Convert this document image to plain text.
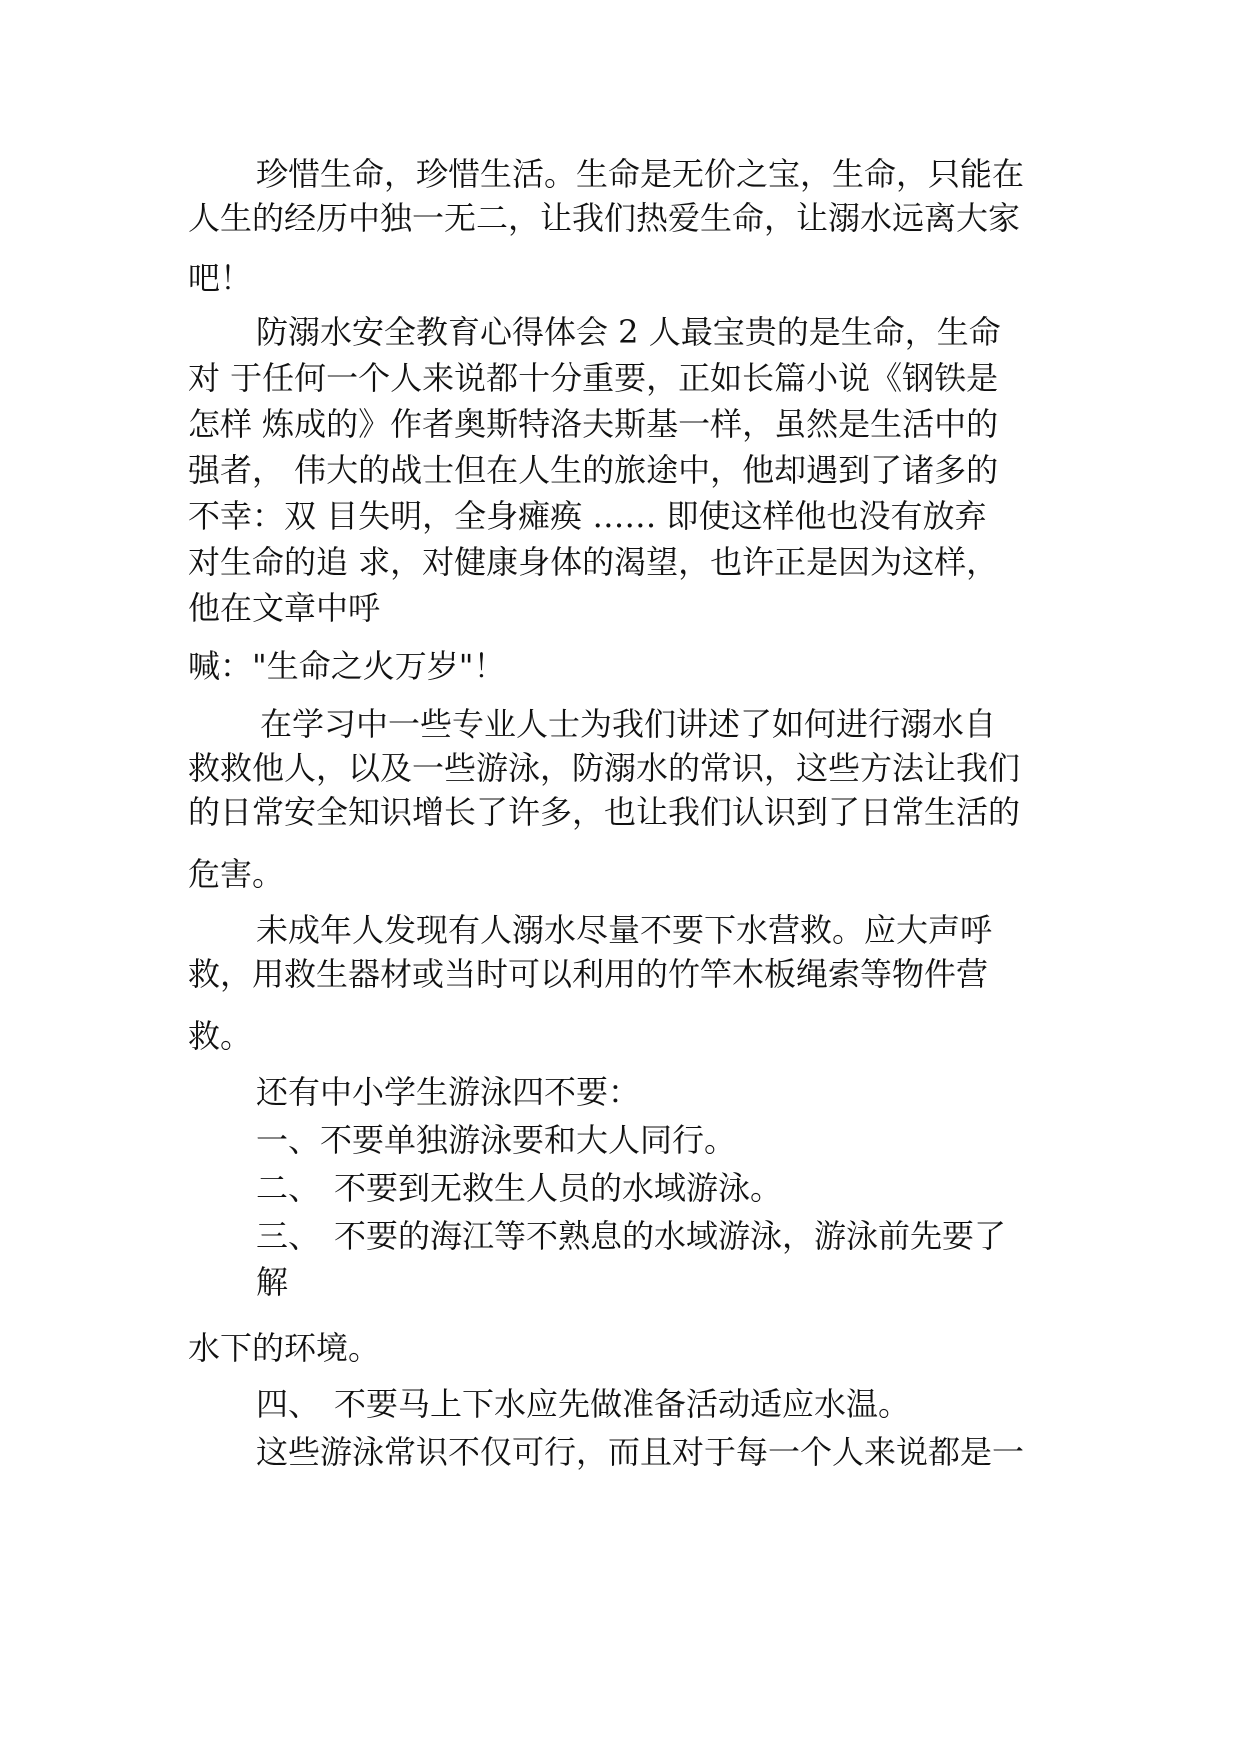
珍惜生命，珍惜生活。生命是无价之宝，生命，只能在
人生的经历中独一无二，让我们热爱生命，让溺水远离大家
吧！
防溺水安全教育心得体会 2 人最宝贵的是生命，生命
对 于任何一个人来说都十分重要，正如长篇小说《钢铁是
怎样 炼成的》作者奥斯特洛夫斯基一样，虽然是生活中的
强者， 伟大的战士但在人生的旅途中，他却遇到了诸多的
不幸：双 目失明，全身瘫痪 …… 即使这样他也没有放弃
对生命的追 求，对健康身体的渴望，也许正是因为这样，
他在文章中呼
喊："生命之火万岁"！
在学习中一些专业人士为我们讲述了如何进行溺水自
救救他人，以及一些游泳，防溺水的常识，这些方法让我们
的日常安全知识增长了许多，也让我们认识到了日常生活的
危害。
未成年人发现有人溺水尽量不要下水营救。应大声呼
救，用救生器材或当时可以利用的竹竿木板绳索等物件营
救。
还有中小学生游泳四不要：
一、不要单独游泳要和大人同行。
二、 不要到无救生人员的水域游泳。
三、 不要的海江等不熟息的水域游泳，游泳前先要了
解
水下的环境。
四、 不要马上下水应先做准备活动适应水温。
这些游泳常识不仅可行，而且对于每一个人来说都是一
